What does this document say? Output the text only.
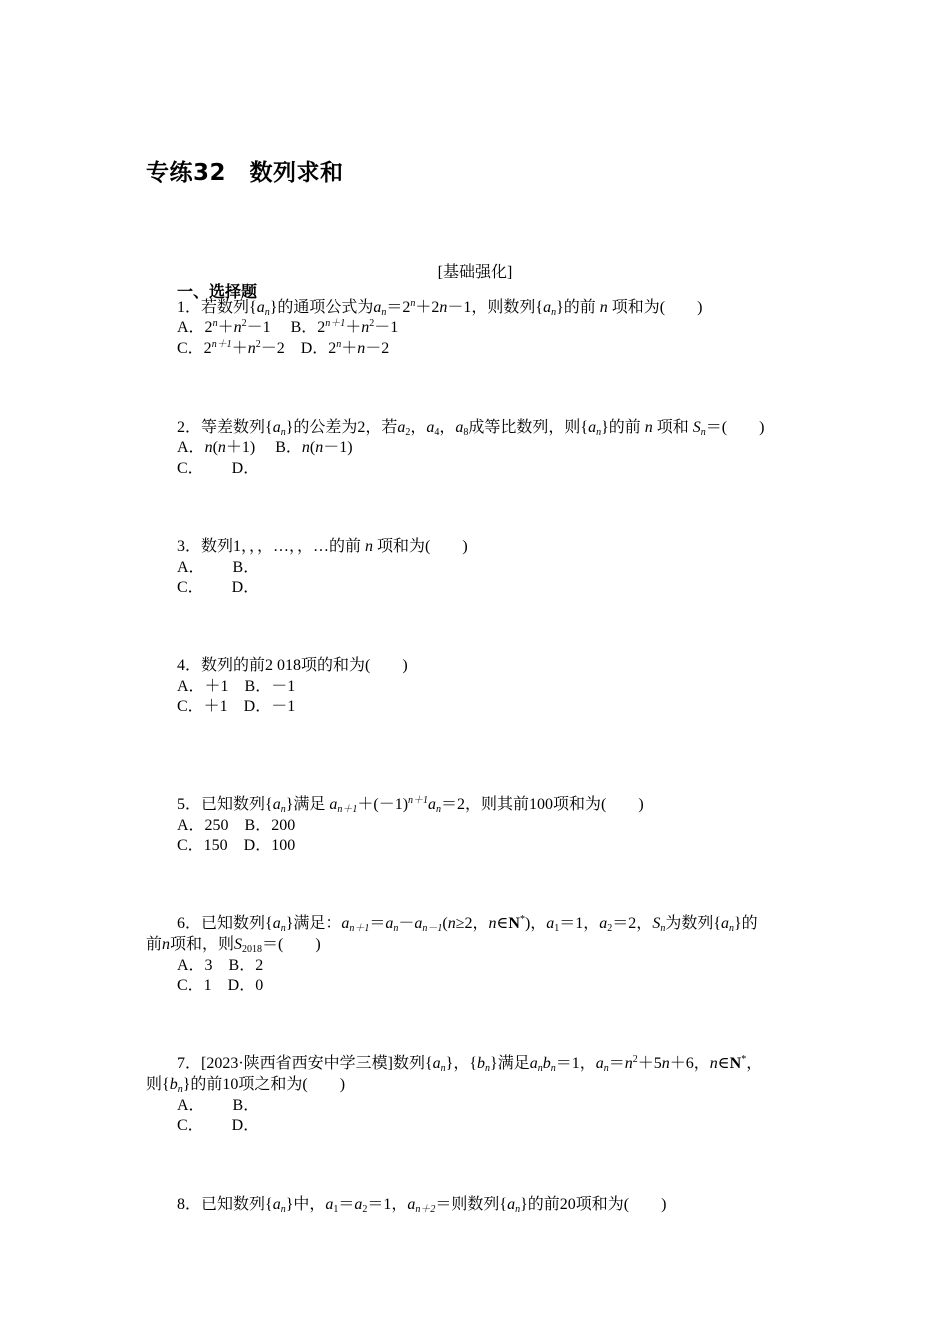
专练32　数列求和
[基础强化]
一、选择题
1．若数列$\{a_n\}$的通项公式为$a_n=2^n+2n-1$，则数列$\{a_n\}$的前 n 项和为(　　)
A．$2^n+n^2-1$　 B．$2^{n+1}+n^2-1$
C．$2^{n+1}+n^2-2$　D．$2^n+n-2$
2．等差数列$\{a_n\}$的公差为2，若$a_2$，$a_4$，$a_8$成等比数列，则$\{a_n\}$的前 n 项和 $S_n=$(　　)
A．n(n＋1)　 B．n(n－1)
C．　　 D．
3．数列1，，，…，，…的前 n 项和为(　　)
A．　　 B．
C．　　 D．
4．数列的前2 018项的和为(　　)
A．＋1　B．－1
C．＋1　D．－1
5．已知数列$\{a_n\}$满足 $a_{n+1}+(-1)^{n+1}a_n=2$，则其前100项和为(　　)
A．250　B．200
C．150　D．100
6．已知数列$\{a_n\}$满足：$a_{n+1}=a_n-a_{n-1}(n\ge 2$，n∈N*)，$a_1=1$，$a_2=2$，$S_n$为数列$\{a_n\}$的
前n项和，则$S_{2018}=$(　　)
A．3　B．2
C．1　D．0
7．[2023·陕西省西安中学三模]数列$\{a_n\}$，$\{b_n\}$满足$a_nb_n=1$，$a_n=n^2+5n+6$，n∈N*，
则$\{b_n\}$的前10项之和为(　　)
A．　　 B．
C．　　 D．
8．已知数列$\{a_n\}$中，$a_1=a_2=1$，$a_{n+2}=$则数列$\{a_n\}$的前20项和为(　　)
